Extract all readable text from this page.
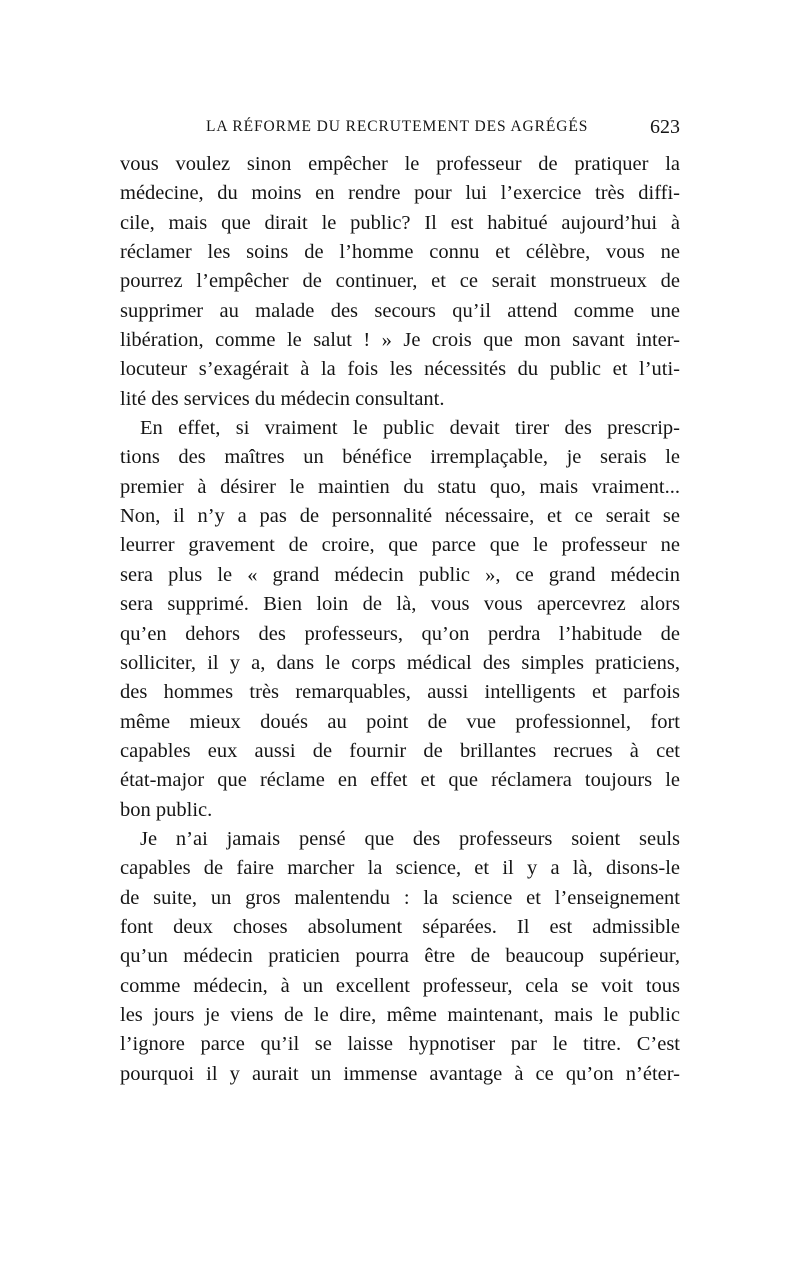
LA RÉFORME DU RECRUTEMENT DES AGRÉGÉS	623
vous voulez sinon empêcher le professeur de pratiquer la
médecine, du moins en rendre pour lui l’exercice très diffi-
cile, mais que dirait le public? Il est habitué aujourd’hui à
réclamer les soins de l’homme connu et célèbre, vous ne
pourrez l’empêcher de continuer, et ce serait monstrueux de
supprimer au malade des secours qu’il attend comme une
libération, comme le salut ! » Je crois que mon savant inter-
locuteur s’exagérait à la fois les nécessités du public et l’uti-
lité des services du médecin consultant.
En effet, si vraiment le public devait tirer des prescrip-
tions des maîtres un bénéfice irremplaçable, je serais le
premier à désirer le maintien du statu quo, mais vraiment...
Non, il n’y a pas de personnalité nécessaire, et ce serait se
leurrer gravement de croire, que parce que le professeur ne
sera plus le « grand médecin public », ce grand médecin
sera supprimé. Bien loin de là, vous vous apercevrez alors
qu’en dehors des professeurs, qu’on perdra l’habitude de
solliciter, il y a, dans le corps médical des simples praticiens,
des hommes très remarquables, aussi intelligents et parfois
même mieux doués au point de vue professionnel, fort
capables eux aussi de fournir de brillantes recrues à cet
état-major que réclame en effet et que réclamera toujours le
bon public.
Je n’ai jamais pensé que des professeurs soient seuls
capables de faire marcher la science, et il y a là, disons-le
de suite, un gros malentendu : la science et l’enseignement
font deux choses absolument séparées. Il est admissible
qu’un médecin praticien pourra être de beaucoup supérieur,
comme médecin, à un excellent professeur, cela se voit tous
les jours je viens de le dire, même maintenant, mais le public
l’ignore parce qu’il se laisse hypnotiser par le titre. C’est
pourquoi il y aurait un immense avantage à ce qu’on n’éter-
